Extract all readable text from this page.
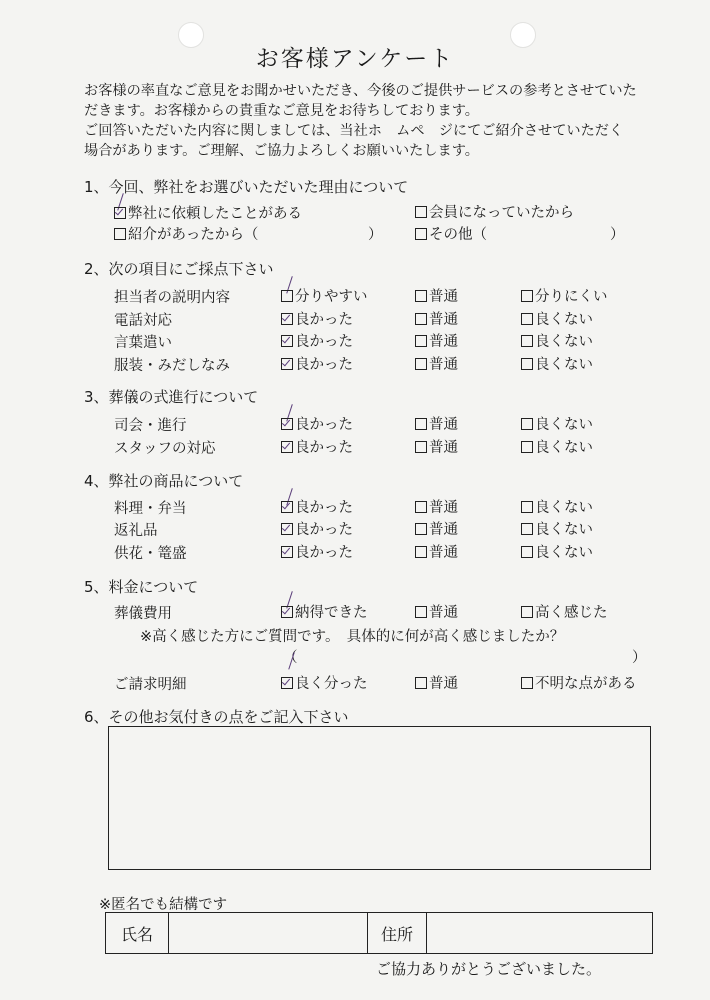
お客様アンケート
お客様の率直なご意見をお聞かせいただき、今後のご提供サービスの参考とさせていた
だきます。お客様からの貴重なご意見をお待ちしております。
ご回答いただいた内容に関しましては、当社ホ　ムペ　ジにてご紹介させていただく
場合があります。ご理解、ご協力よろしくお願いいたします。
1、今回、弊社をお選びいただいた理由について
弊社に依頼したことがある	会員になっていたから
紹介があったから（	）	その他（	）
2、次の項目にご採点下さい
担当者の説明内容	分りやすい	普通	分りにくい
電話対応	良かった	普通	良くない
言葉遣い	良かった	普通	良くない
服装・みだしなみ	良かった	普通	良くない
3、葬儀の式進行について
司会・進行	良かった	普通	良くない
スタッフの対応	良かった	普通	良くない
4、弊社の商品について
料理・弁当	良かった	普通	良くない
返礼品	良かった	普通	良くない
供花・篭盛	良かった	普通	良くない
5、料金について
葬儀費用	納得できた	普通	高く感じた
※高く感じた方にご質問です。　具体的に何が高く感じましたか？
（	）
ご請求明細	良く分った	普通	不明な点がある
6、その他お気付きの点をご記入下さい
※匿名でも結構です
氏名	住所
ご協力ありがとうございました。
